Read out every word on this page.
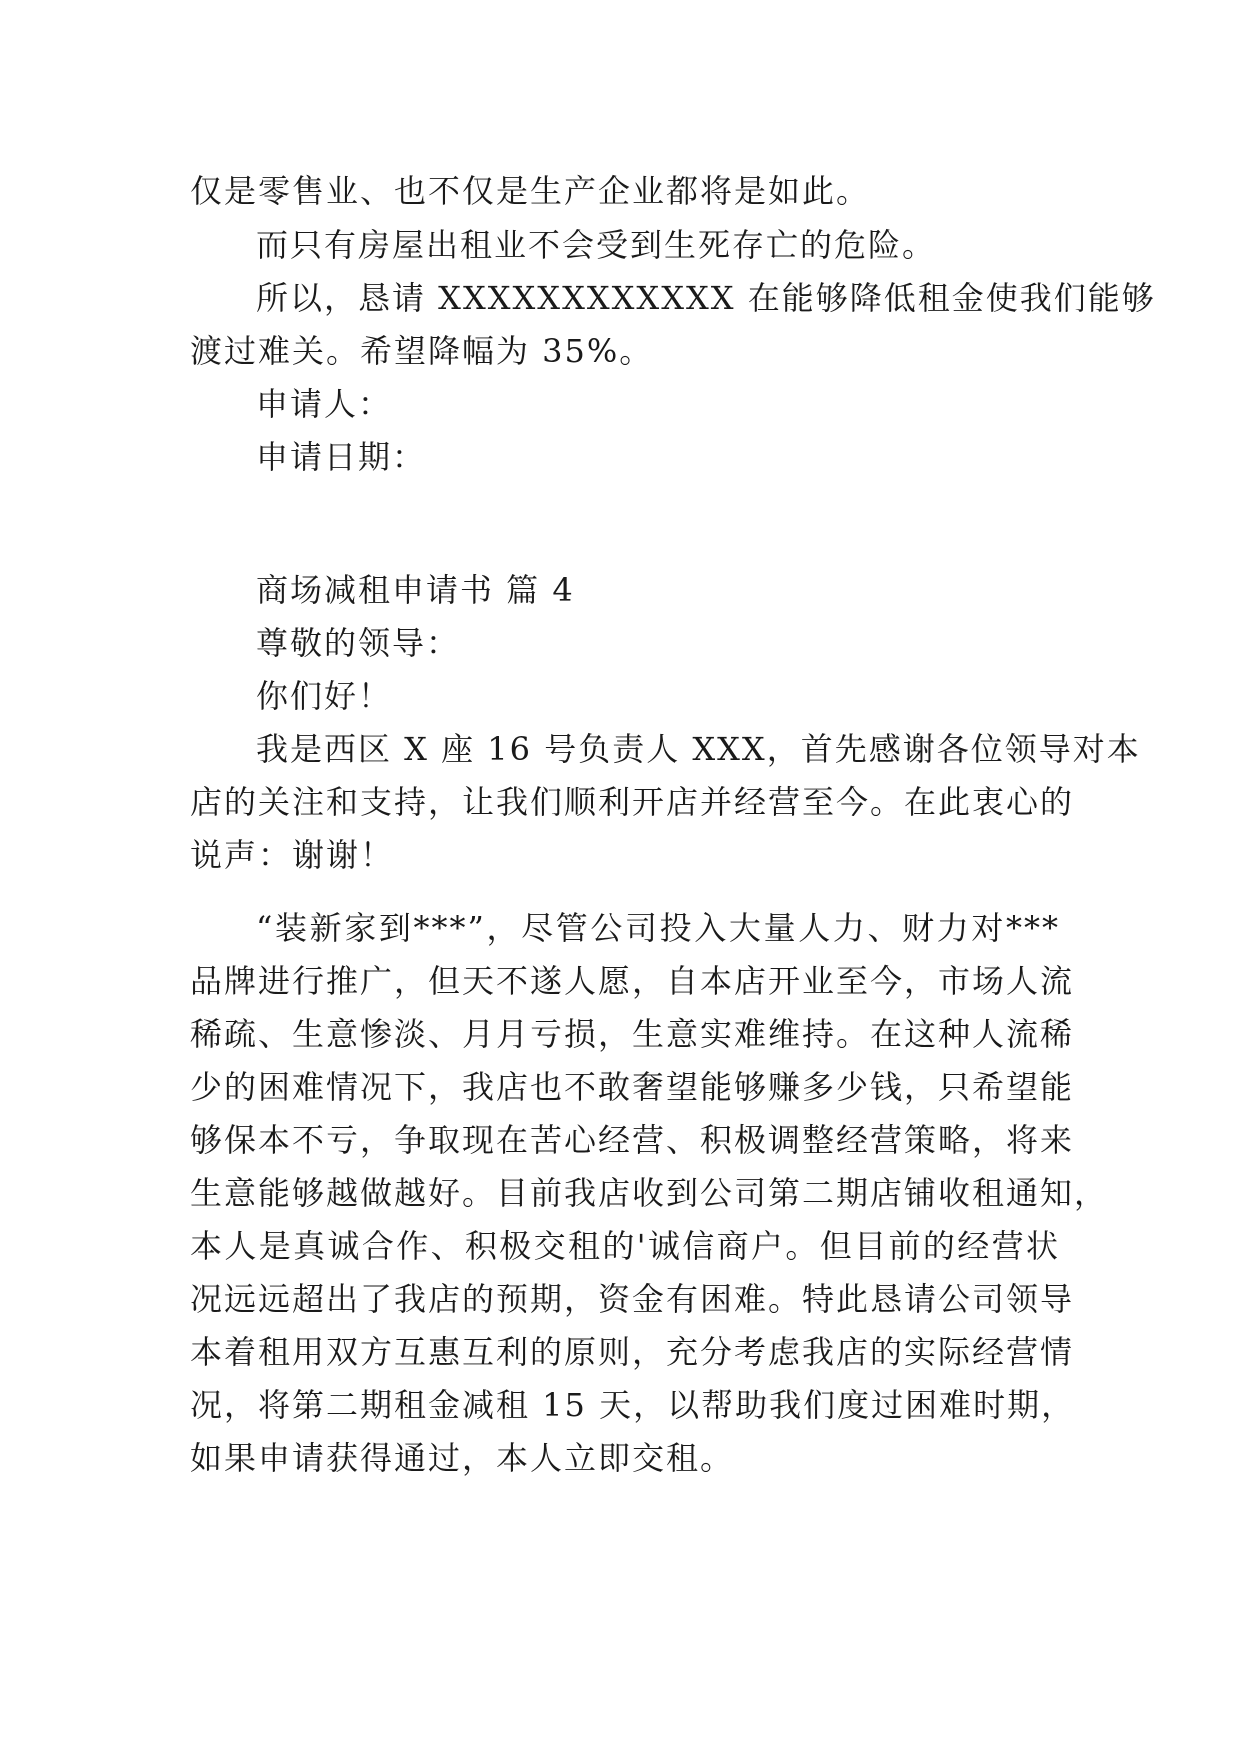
仅是零售业、也不仅是生产企业都将是如此。
而只有房屋出租业不会受到生死存亡的危险。
所以，恳请 XXXXXXXXXXXX 在能够降低租金使我们能够
渡过难关。希望降幅为 35%。
申请人：
申请日期：
商场减租申请书 篇 4
尊敬的领导：
你们好！
我是西区 X 座 16 号负责人 XXX，首先感谢各位领导对本
店的关注和支持，让我们顺利开店并经营至今。在此衷心的
说声：谢谢！
“装新家到***”，尽管公司投入大量人力、财力对***
品牌进行推广，但天不遂人愿，自本店开业至今，市场人流
稀疏、生意惨淡、月月亏损，生意实难维持。在这种人流稀
少的困难情况下，我店也不敢奢望能够赚多少钱，只希望能
够保本不亏，争取现在苦心经营、积极调整经营策略，将来
生意能够越做越好。目前我店收到公司第二期店铺收租通知，
本人是真诚合作、积极交租的'诚信商户。但目前的经营状
况远远超出了我店的预期，资金有困难。特此恳请公司领导
本着租用双方互惠互利的原则，充分考虑我店的实际经营情
况，将第二期租金减租 15 天，以帮助我们度过困难时期，
如果申请获得通过，本人立即交租。
